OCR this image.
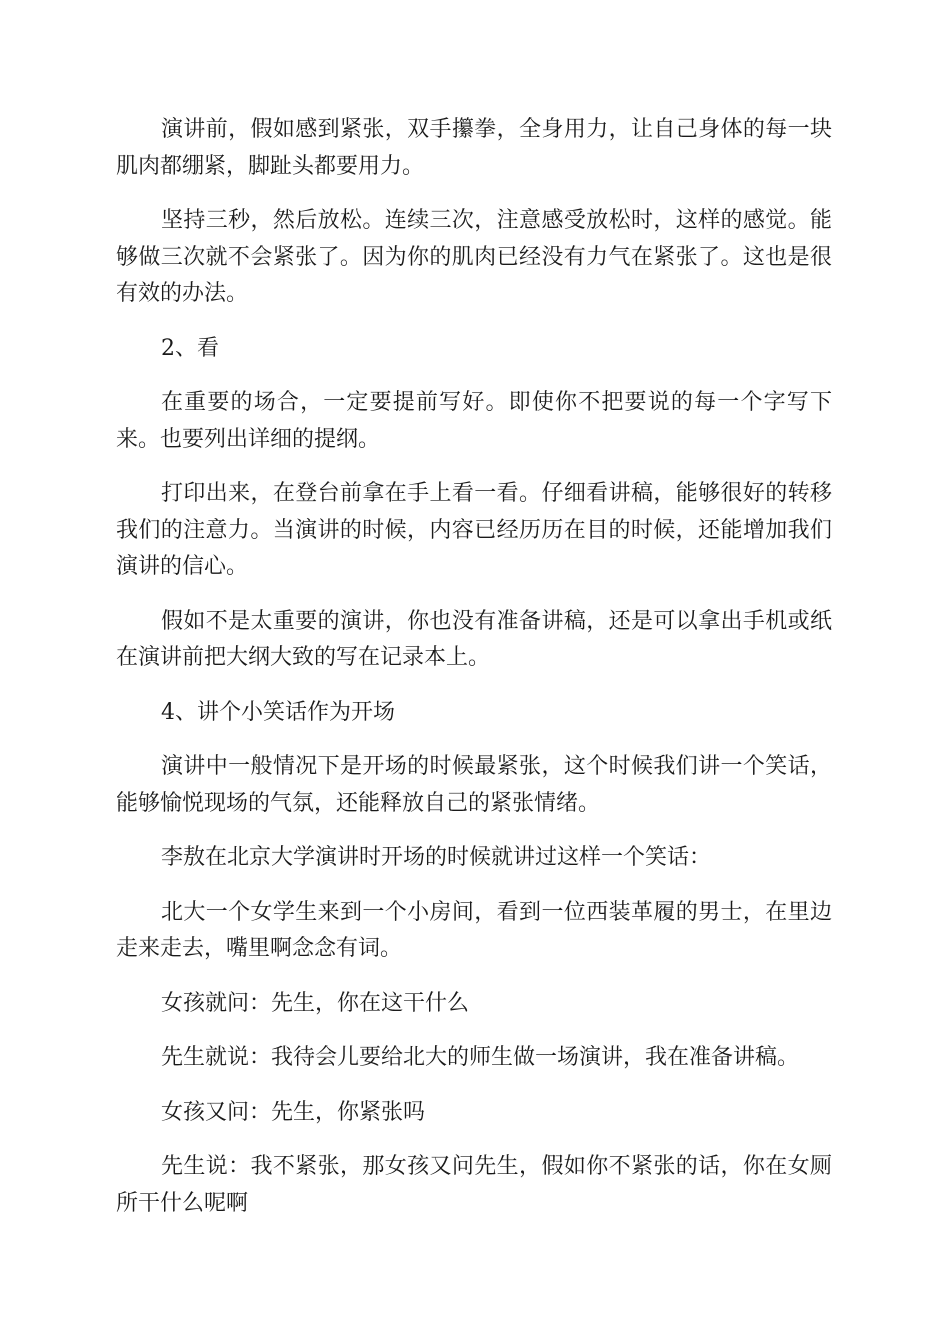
演讲前，假如感到紧张，双手攥拳，全身用力，让自己身体的每一块肌肉都绷紧，脚趾头都要用力。

坚持三秒，然后放松。连续三次，注意感受放松时，这样的感觉。能够做三次就不会紧张了。因为你的肌肉已经没有力气在紧张了。这也是很有效的办法。

2、看

在重要的场合，一定要提前写好。即使你不把要说的每一个字写下来。也要列出详细的提纲。

打印出来，在登台前拿在手上看一看。仔细看讲稿，能够很好的转移我们的注意力。当演讲的时候，内容已经历历在目的时候，还能增加我们演讲的信心。

假如不是太重要的演讲，你也没有准备讲稿，还是可以拿出手机或纸在演讲前把大纲大致的写在记录本上。

4、讲个小笑话作为开场

演讲中一般情况下是开场的时候最紧张，这个时候我们讲一个笑话，能够愉悦现场的气氛，还能释放自己的紧张情绪。

李敖在北京大学演讲时开场的时候就讲过这样一个笑话：

北大一个女学生来到一个小房间，看到一位西装革履的男士，在里边走来走去，嘴里啊念念有词。

女孩就问：先生，你在这干什么

先生就说：我待会儿要给北大的师生做一场演讲，我在准备讲稿。

女孩又问：先生，你紧张吗

先生说：我不紧张，那女孩又问先生，假如你不紧张的话，你在女厕所干什么呢啊
